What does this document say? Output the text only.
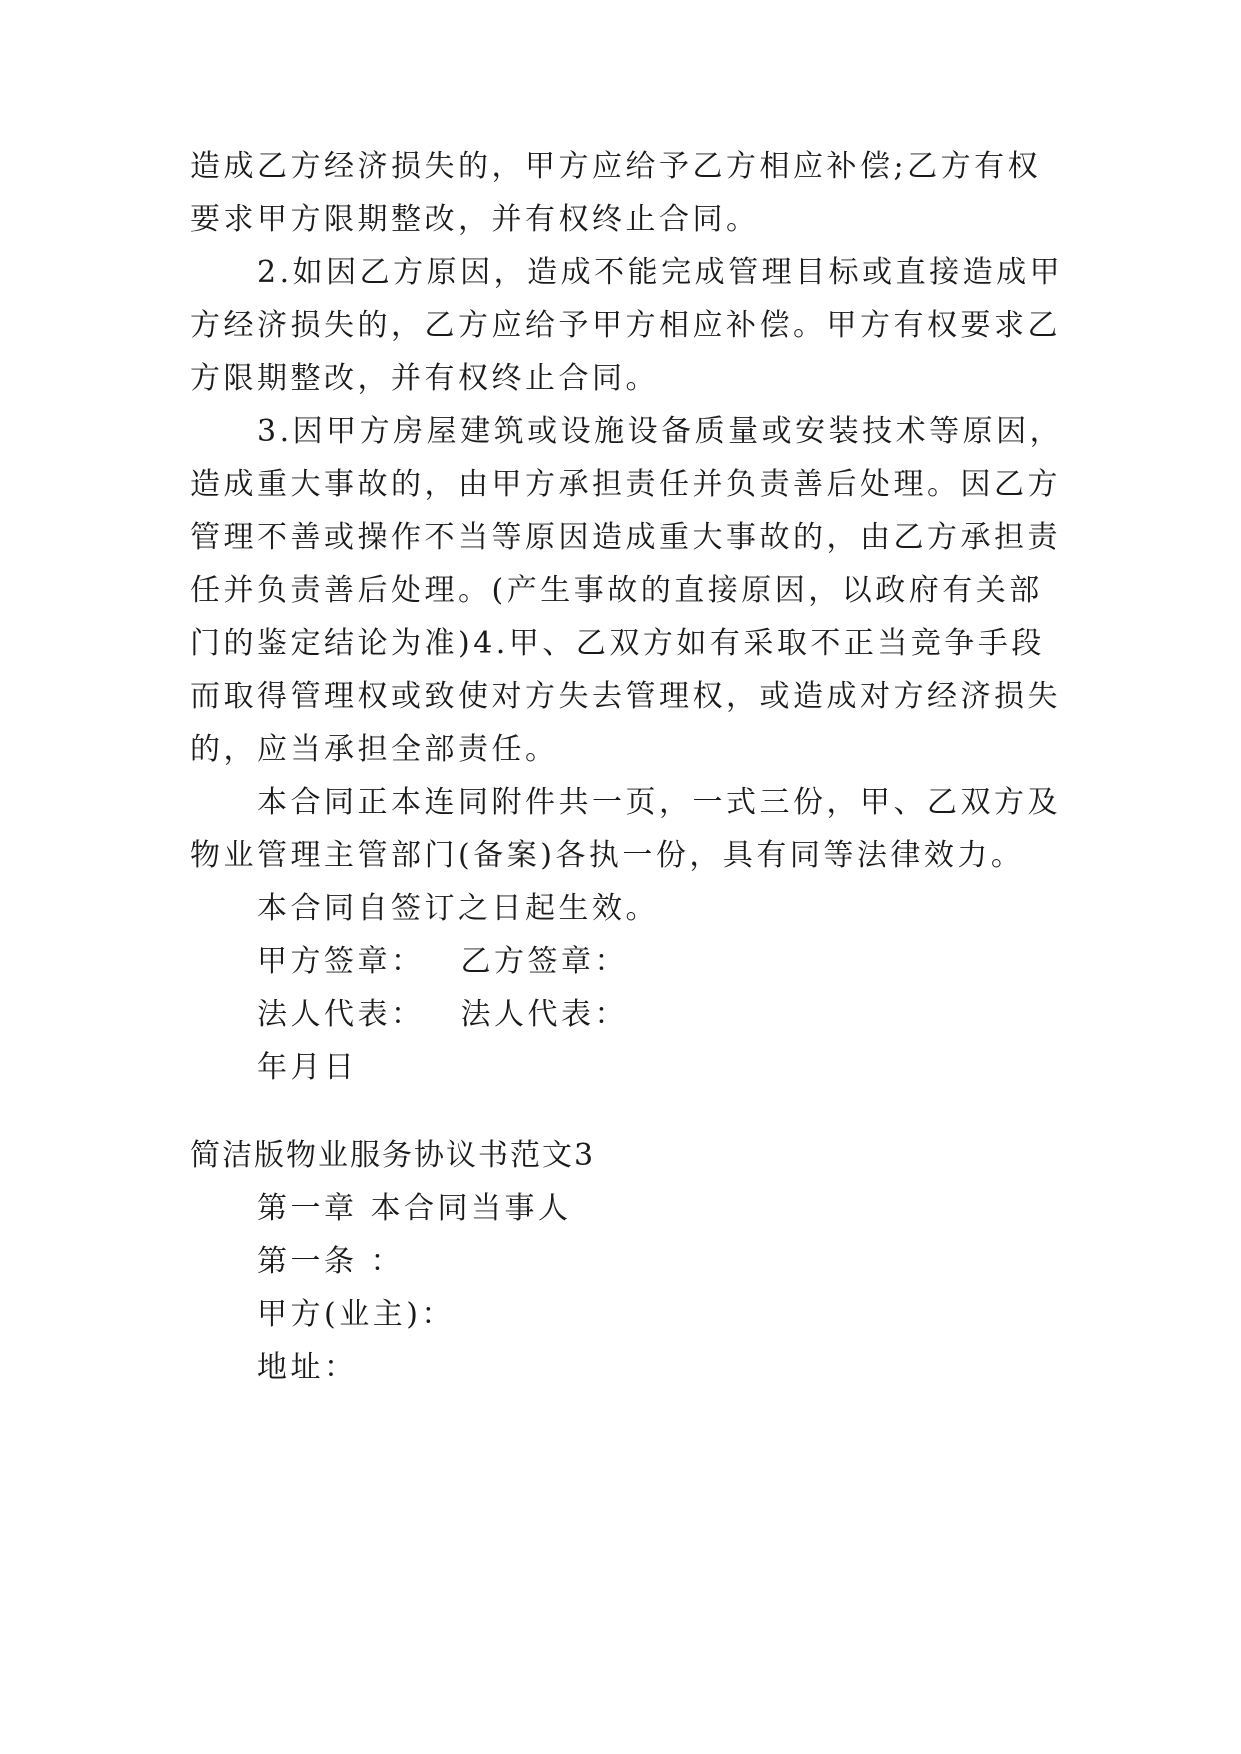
造成乙方经济损失的，甲方应给予乙方相应补偿;乙方有权
要求甲方限期整改，并有权终止合同。
2.如因乙方原因，造成不能完成管理目标或直接造成甲
方经济损失的，乙方应给予甲方相应补偿。甲方有权要求乙
方限期整改，并有权终止合同。
3.因甲方房屋建筑或设施设备质量或安装技术等原因，
造成重大事故的，由甲方承担责任并负责善后处理。因乙方
管理不善或操作不当等原因造成重大事故的，由乙方承担责
任并负责善后处理。(产生事故的直接原因，以政府有关部
门的鉴定结论为准)4.甲、乙双方如有采取不正当竞争手段
而取得管理权或致使对方失去管理权，或造成对方经济损失
的，应当承担全部责任。
本合同正本连同附件共一页，一式三份，甲、乙双方及
物业管理主管部门(备案)各执一份，具有同等法律效力。
本合同自签订之日起生效。
甲方签章： 乙方签章：
法人代表： 法人代表：
年月日
简洁版物业服务协议书范文3
第一章 本合同当事人
第一条 ：
甲方(业主)：
地址：
